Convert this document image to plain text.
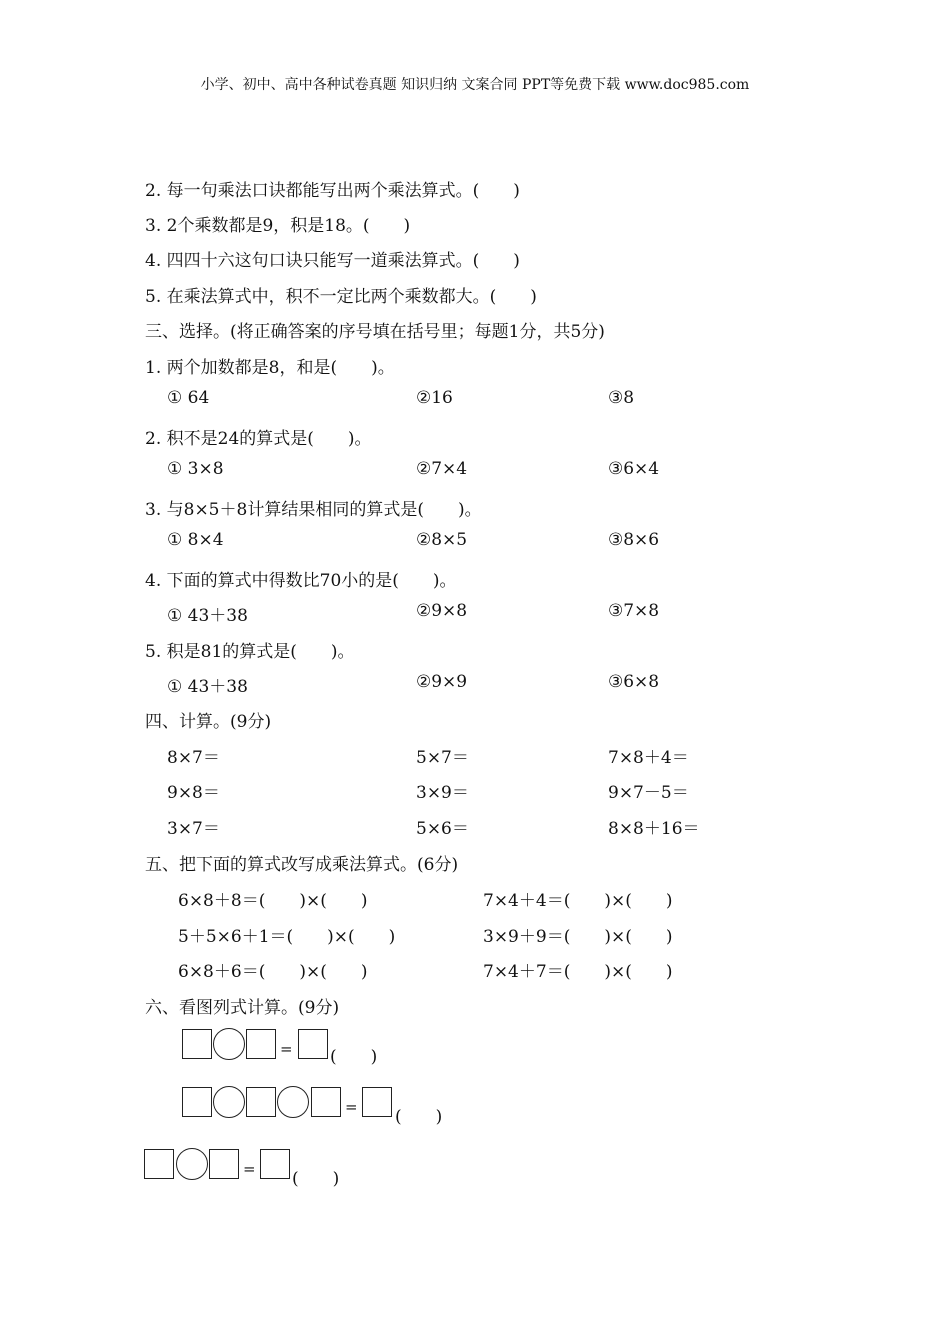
小学、初中、高中各种试卷真题 知识归纳 文案合同 PPT等免费下载 www.doc985.com
2. 每一句乘法口诀都能写出两个乘法算式。(　　)
3. 2个乘数都是9，积是18。(　　)
4. 四四十六这句口诀只能写一道乘法算式。(　　)
5. 在乘法算式中，积不一定比两个乘数都大。(　　)
三、选择。(将正确答案的序号填在括号里；每题1分，共5分)
1. 两个加数都是8，和是(　　)。
① 64	②16	③8
2. 积不是24的算式是(　　)。
① 3×8	②7×4	③6×4
3. 与8×5＋8计算结果相同的算式是(　　)。
① 8×4	②8×5	③8×6
4. 下面的算式中得数比70小的是(　　)。
① 43＋38	②9×8	③7×8
5. 积是81的算式是(　　)。
① 43＋38	②9×9	③6×8
四、计算。(9分)
8×7＝	5×7＝	7×8＋4＝
9×8＝	3×9＝	9×7－5＝
3×7＝	5×6＝	8×8＋16＝
五、把下面的算式改写成乘法算式。(6分)
6×8＋8＝(　　)×(　　)	7×4＋4＝(　　)×(　　)
5＋5×6＋1＝(　　)×(　　)	3×9＋9＝(　　)×(　　)
6×8＋6＝(　　)×(　　)	7×4＋7＝(　　)×(　　)
六、看图列式计算。(9分)
= (　　)
= (　　)
= (　　)
